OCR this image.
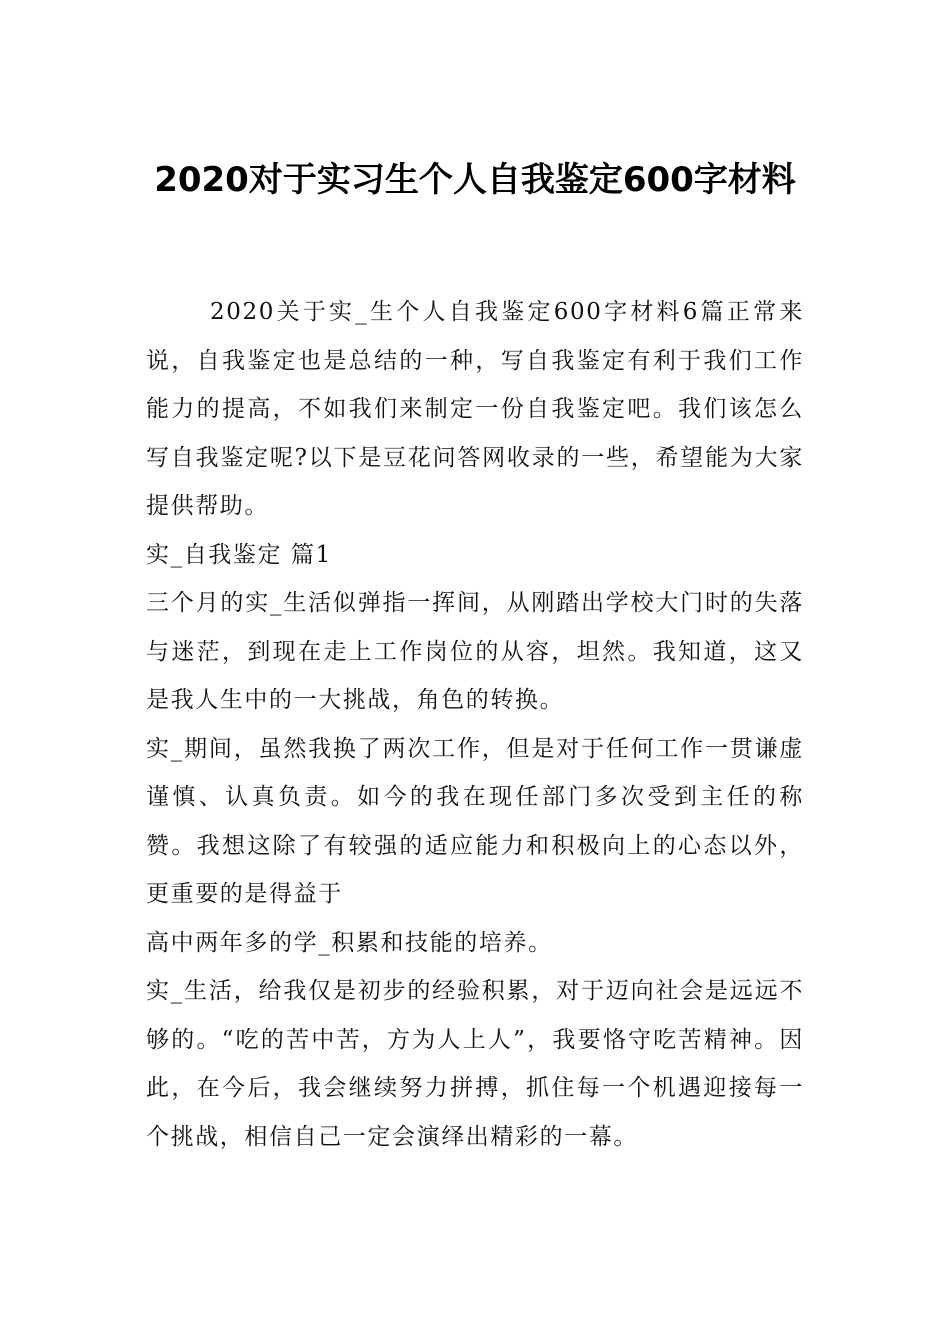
2020对于实习生个人自我鉴定600字材料

2020关于实_生个人自我鉴定600字材料6篇正常来说，自我鉴定也是总结的一种，写自我鉴定有利于我们工作能力的提高，不如我们来制定一份自我鉴定吧。我们该怎么写自我鉴定呢?以下是豆花问答网收录的一些，希望能为大家提供帮助。

实_自我鉴定 篇1

三个月的实_生活似弹指一挥间，从刚踏出学校大门时的失落与迷茫，到现在走上工作岗位的从容，坦然。我知道，这又是我人生中的一大挑战，角色的转换。

实_期间，虽然我换了两次工作，但是对于任何工作一贯谦虚谨慎、认真负责。如今的我在现任部门多次受到主任的称赞。我想这除了有较强的适应能力和积极向上的心态以外，更重要的是得益于

高中两年多的学_积累和技能的培养。

实_生活，给我仅是初步的经验积累，对于迈向社会是远远不够的。“吃的苦中苦，方为人上人”，我要恪守吃苦精神。因此，在今后，我会继续努力拼搏，抓住每一个机遇迎接每一个挑战，相信自己一定会演绎出精彩的一幕。
